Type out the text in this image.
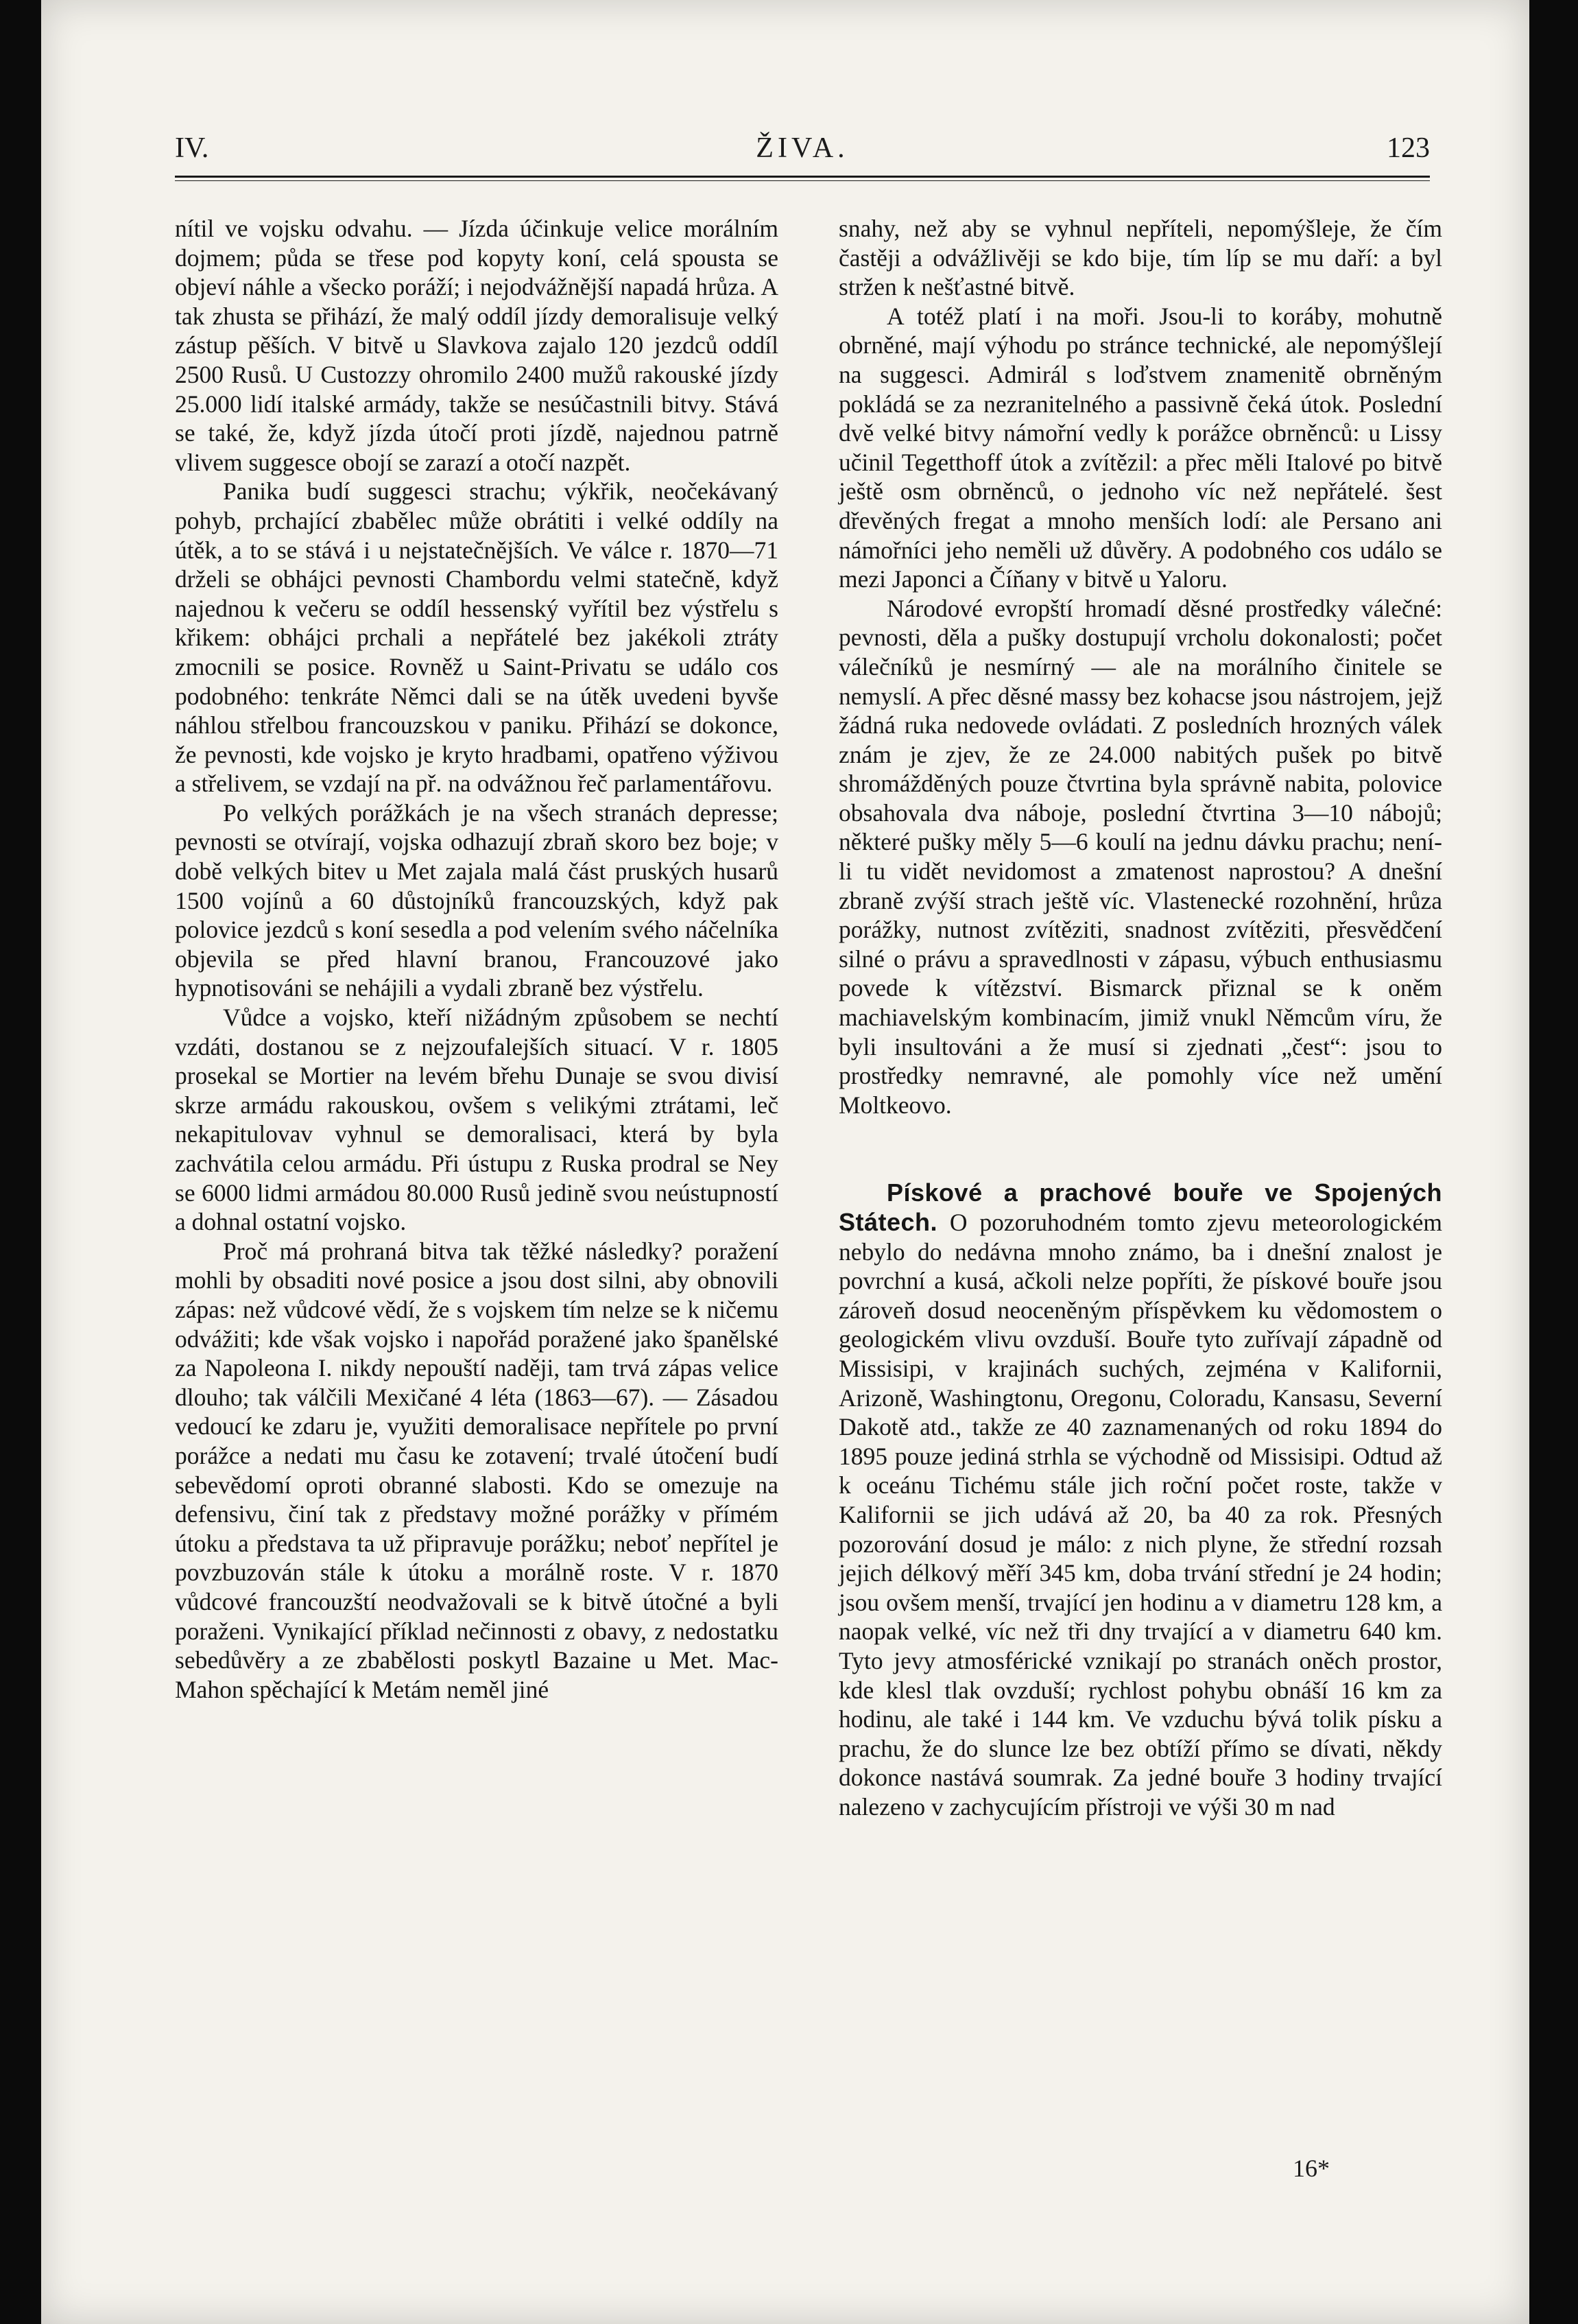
IV.	ŽIVA.	123

nítil ve vojsku odvahu. — Jízda účinkuje velice morálním dojmem; půda se třese pod kopyty koní, celá spousta se objeví náhle a všecko poráží; i nejodvážnější napadá hrůza. A tak zhusta se přihází, že malý oddíl jízdy demoralisuje velký zástup pěších. V bitvě u Slavkova zajalo 120 jezdců oddíl 2500 Rusů. U Custozzy ohromilo 2400 mužů rakouské jízdy 25.000 lidí italské armády, takže se nesúčastnili bitvy. Stává se také, že, když jízda útočí proti jízdě, najednou patrně vlivem suggesce obojí se zarazí a otočí nazpět.

Panika budí suggesci strachu; výkřik, neočekávaný pohyb, prchající zbabělec může obrátiti i velké oddíly na útěk, a to se stává i u nejstatečnějších. Ve válce r. 1870—71 drželi se obhájci pevnosti Chambordu velmi statečně, když najednou k večeru se oddíl hessenský vyřítil bez výstřelu s křikem: obhájci prchali a nepřátelé bez jakékoli ztráty zmocnili se posice. Rovněž u Saint-Privatu se událo cos podobného: tenkráte Němci dali se na útěk uvedeni byvše náhlou střelbou francouzskou v paniku. Přihází se dokonce, že pevnosti, kde vojsko je kryto hradbami, opatřeno výživou a střelivem, se vzdají na př. na odvážnou řeč parlamentářovu.

Po velkých porážkách je na všech stranách depresse; pevnosti se otvírají, vojska odhazují zbraň skoro bez boje; v době velkých bitev u Met zajala malá část pruských husarů 1500 vojínů a 60 důstojníků francouzských, když pak polovice jezdců s koní sesedla a pod velením svého náčelníka objevila se před hlavní branou, Francouzové jako hypnotisováni se nehájili a vydali zbraně bez výstřelu.

Vůdce a vojsko, kteří nižádným způsobem se nechtí vzdáti, dostanou se z nejzoufalejších situací. V r. 1805 prosekal se Mortier na levém břehu Dunaje se svou divisí skrze armádu rakouskou, ovšem s velikými ztrátami, leč nekapitulovav vyhnul se demoralisaci, která by byla zachvátila celou armádu. Při ústupu z Ruska prodral se Ney se 6000 lidmi armádou 80.000 Rusů jedině svou neústupností a dohnal ostatní vojsko.

Proč má prohraná bitva tak těžké následky? poražení mohli by obsaditi nové posice a jsou dost silni, aby obnovili zápas: než vůdcové vědí, že s vojskem tím nelze se k ničemu odvážiti; kde však vojsko i napořád poražené jako španělské za Napoleona I. nikdy nepouští naději, tam trvá zápas velice dlouho; tak válčili Mexičané 4 léta (1863—67). — Zásadou vedoucí ke zdaru je, využiti demoralisace nepřítele po první porážce a nedati mu času ke zotavení; trvalé útočení budí sebevědomí oproti obranné slabosti. Kdo se omezuje na defensivu, činí tak z představy možné porážky v přímém útoku a představa ta už připravuje porážku; neboť nepřítel je povzbuzován stále k útoku a morálně roste. V r. 1870 vůdcové francouzští neodvažovali se k bitvě útočné a byli poraženi. Vynikající příklad nečinnosti z obavy, z nedostatku sebedůvěry a ze zbabělosti poskytl Bazaine u Met. Mac-Mahon spěchající k Metám neměl jiné

snahy, než aby se vyhnul nepříteli, nepomýšleje, že čím častěji a odvážlivěji se kdo bije, tím líp se mu daří: a byl stržen k nešťastné bitvě.

A totéž platí i na moři. Jsou-li to koráby, mohutně obrněné, mají výhodu po stránce technické, ale nepomýšlejí na suggesci. Admirál s loďstvem znamenitě obrněným pokládá se za nezranitelného a passivně čeká útok. Poslední dvě velké bitvy námořní vedly k porážce obrněnců: u Lissy učinil Tegetthoff útok a zvítězil: a přec měli Italové po bitvě ještě osm obrněnců, o jednoho víc než nepřátelé. šest dřevěných fregat a mnoho menších lodí: ale Persano ani námořníci jeho neměli už důvěry. A podobného cos událo se mezi Japonci a Číňany v bitvě u Yaloru.

Národové evropští hromadí děsné prostředky válečné: pevnosti, děla a pušky dostupují vrcholu dokonalosti; počet válečníků je nesmírný — ale na morálního činitele se nemyslí. A přec děsné massy bez kohacse jsou nástrojem, jejž žádná ruka nedovede ovládati. Z posledních hrozných válek znám je zjev, že ze 24.000 nabitých pušek po bitvě shromážděných pouze čtvrtina byla správně nabita, polovice obsahovala dva náboje, poslední čtvrtina 3—10 nábojů; některé pušky měly 5—6 koulí na jednu dávku prachu; není-li tu vidět nevidomost a zmatenost naprostou? A dnešní zbraně zvýší strach ještě víc. Vlastenecké rozohnění, hrůza porážky, nutnost zvítěziti, snadnost zvítěziti, přesvědčení silné o právu a spravedlnosti v zápasu, výbuch enthusiasmu povede k vítězství. Bismarck přiznal se k oněm machiavelským kombinacím, jimiž vnukl Němcům víru, že byli insultováni a že musí si zjednati „čest“: jsou to prostředky nemravné, ale pomohly více než umění Moltkeovo.

Pískové a prachové bouře ve Spojených Státech. O pozoruhodném tomto zjevu meteorologickém nebylo do nedávna mnoho známo, ba i dnešní znalost je povrchní a kusá, ačkoli nelze popříti, že pískové bouře jsou zároveň dosud neoceněným příspěvkem ku vědomostem o geologickém vlivu ovzduší. Bouře tyto zuřívají západně od Missisipi, v krajinách suchých, zejména v Kalifornii, Arizoně, Washingtonu, Oregonu, Coloradu, Kansasu, Severní Dakotě atd., takže ze 40 zaznamenaných od roku 1894 do 1895 pouze jediná strhla se východně od Missisipi. Odtud až k oceánu Tichému stále jich roční počet roste, takže v Kalifornii se jich udává až 20, ba 40 za rok. Přesných pozorování dosud je málo: z nich plyne, že střední rozsah jejich délkový měří 345 km, doba trvání střední je 24 hodin; jsou ovšem menší, trvající jen hodinu a v diametru 128 km, a naopak velké, víc než tři dny trvající a v diametru 640 km. Tyto jevy atmosférické vznikají po stranách oněch prostor, kde klesl tlak ovzduší; rychlost pohybu obnáší 16 km za hodinu, ale také i 144 km. Ve vzduchu bývá tolik písku a prachu, že do slunce lze bez obtíží přímo se dívati, někdy dokonce nastává soumrak. Za jedné bouře 3 hodiny trvající nalezeno v zachycujícím přístroji ve výši 30 m nad

16*
